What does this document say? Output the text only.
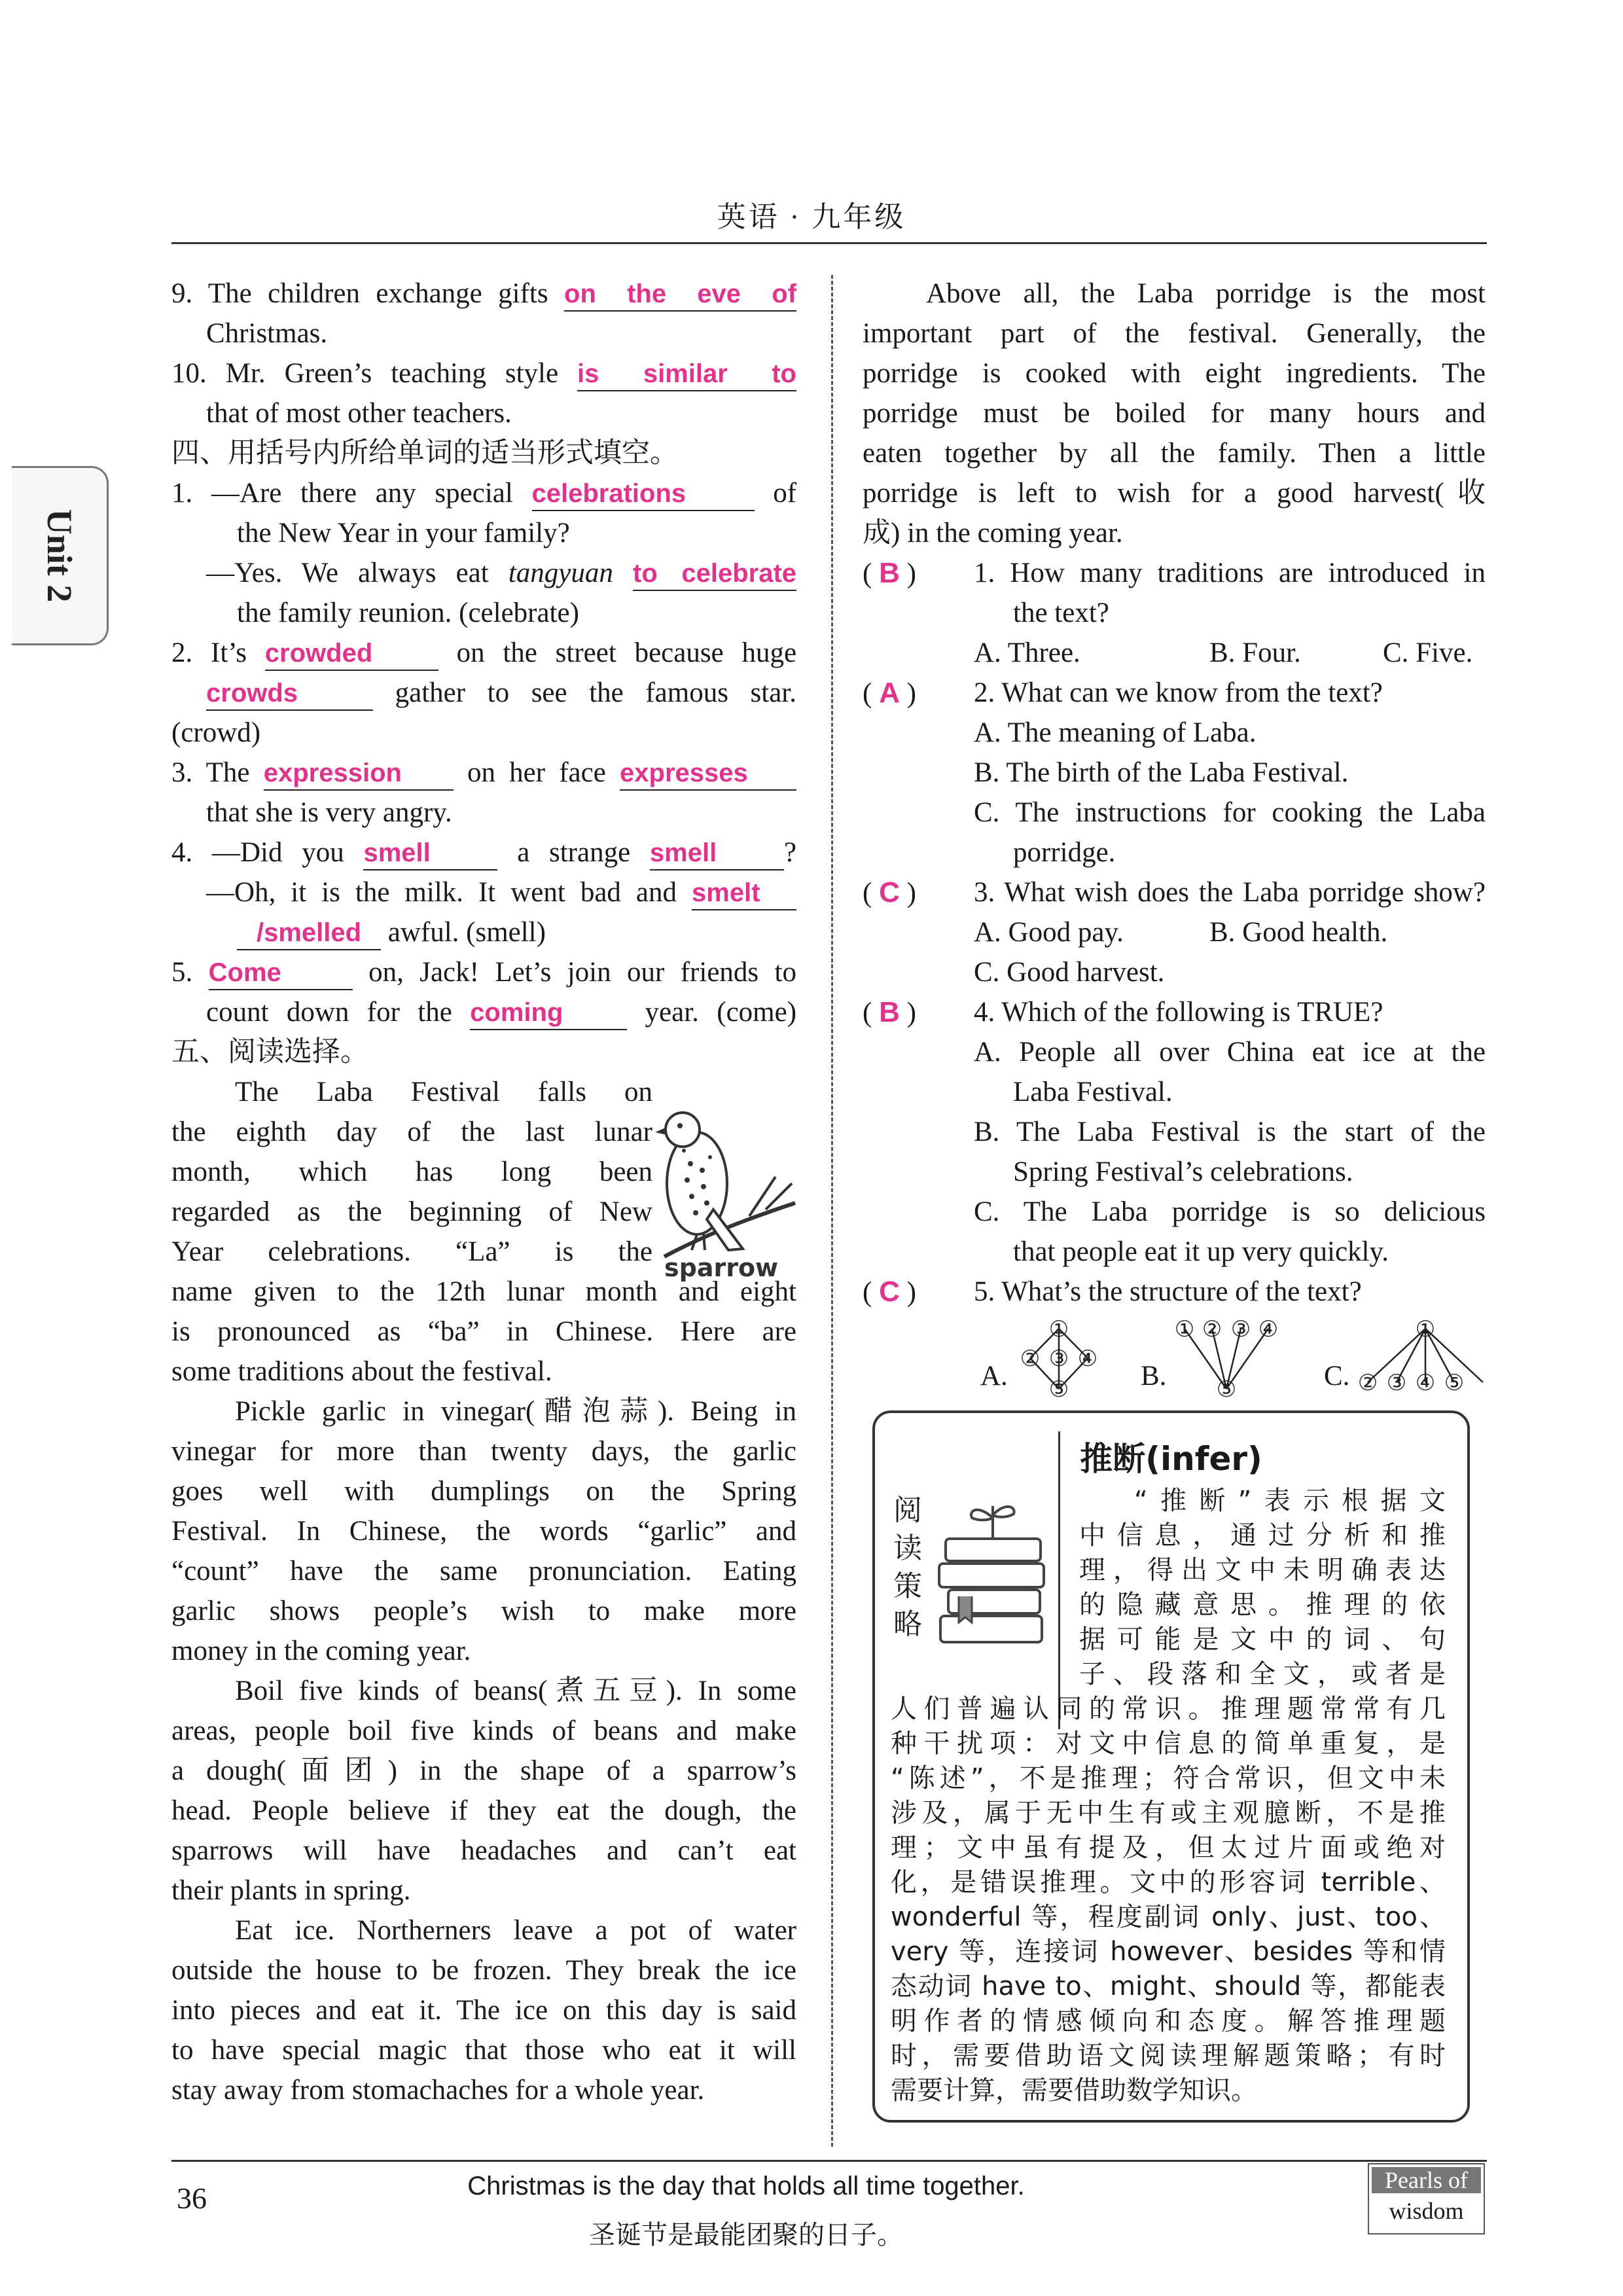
英语 · 九年级
Unit 2

9. The children exchange gifts on the eve of

Christmas.

10. Mr. Green’s teaching style is similar to

that of most other teachers.

四、用括号内所给单词的适当形式填空。

1. —Are there any special celebrations	of

the New Year in your family?

—Yes. We always eat tangyuan to celebrate

the family reunion. (celebrate)

2. It’s crowded	on the street because huge

crowds	gather to see the famous star.

(crowd)

3. The expression on her face expresses

that she is very angry.

4. —Did you smell	a strange smell ?

—Oh, it is the milk. It went bad and smelt

/smelled awful. (smell)

5. Come	on, Jack! Let’s join our friends to

count down for the coming	year. (come)

五、阅读选择。

The Laba Festival falls on

the eighth day of the last lunar

month, which has long been

regarded as the beginning of New

Year celebrations. “La” is the

name given to the 12th lunar month and eight

is pronounced as “ba” in Chinese. Here are

some traditions about the festival.

Pickle garlic in vinegar(醋泡蒜). Being in

vinegar for more than twenty days, the garlic

goes well with dumplings on the Spring

Festival. In Chinese, the words “garlic” and

“count” have the same pronunciation. Eating

garlic shows people’s wish to make more

money in the coming year.

Boil five kinds of beans(煮五豆). In some

areas, people boil five kinds of beans and make

a dough(面团) in the shape of a sparrow’s

head. People believe if they eat the dough, the

sparrows will have headaches and can’t eat

their plants in spring.

Eat ice. Northerners leave a pot of water

outside the house to be frozen. They break the ice

into pieces and eat it. The ice on this day is said

to have special magic that those who eat it will

stay away from stomachaches for a whole year.

sparrow

Above all, the Laba porridge is the most

important part of the festival. Generally, the

porridge is cooked with eight ingredients. The

porridge must be boiled for many hours and

eaten together by all the family. Then a little

porridge is left to wish for a good harvest(收

成) in the coming year.

( B ) 1. How many traditions are introduced in

the text?

A. Three.	B. Four.	C. Five.

( A ) 2. What can we know from the text?

A. The meaning of Laba.

B. The birth of the Laba Festival.

C. The instructions for cooking the Laba

porridge.

( C ) 3. What wish does the Laba porridge show?

A. Good pay.	B. Good health.

C. Good harvest.

( B ) 4. Which of the following is TRUE?

A. People all over China eat ice at the

Laba Festival.

B. The Laba Festival is the start of the

Spring Festival’s celebrations.

C. The Laba porridge is so delicious

that people eat it up very quickly.

( C ) 5. What’s the structure of the text?

A.	B.	C.
①
② ③ ④
⑤
① ② ③ ④
⑤
①
② ③ ④ ⑤
推断(infer)
阅
读
策
略

“推断”表示根据文

中信息，通过分析和推

理，得出文中未明确表达

的隐藏意思。推理的依

据可能是文中的词、句

子、段落和全文，或者是

人们普遍认同的常识。推理题常常有几

种干扰项：对文中信息的简单重复，是

“陈述”，不是推理；符合常识，但文中未

涉及，属于无中生有或主观臆断，不是推

理；文中虽有提及，但太过片面或绝对

化，是错误推理。文中的形容词 terrible、

wonderful 等，程度副词 only、just、too、

very 等，连接词 however、besides 等和情

态动词 have to、might、should 等，都能表

明作者的情感倾向和态度。解答推理题

时，需要借助语文阅读理解题策略；有时

需要计算，需要借助数学知识。

36	Christmas is the day that holds all time together.
圣诞节是最能团聚的日子。
Pearls of
wisdom
